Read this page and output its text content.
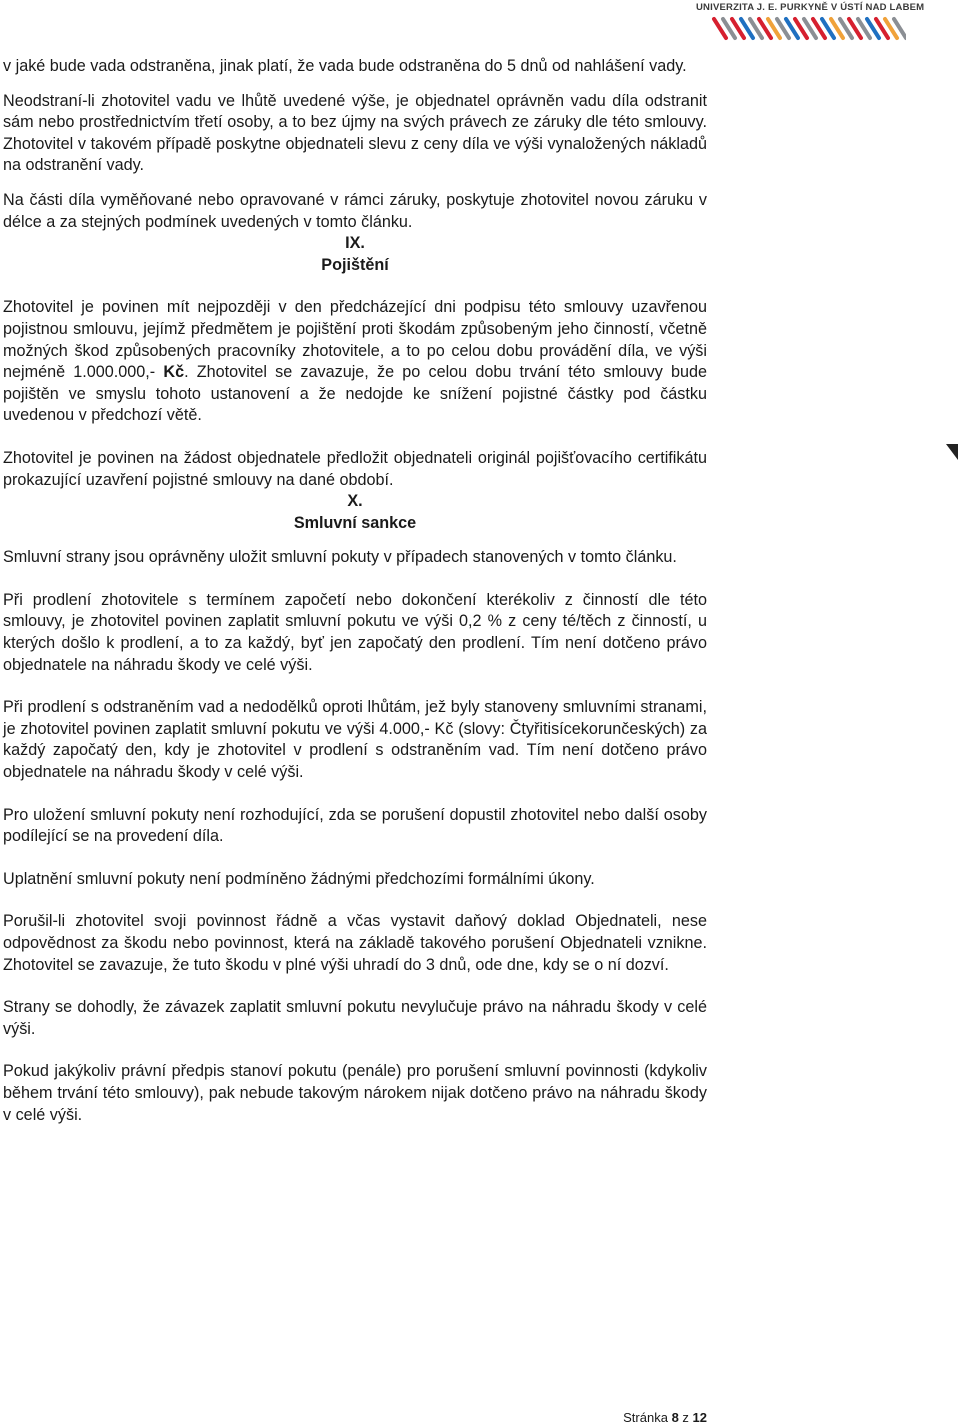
UNIVERZITA J. E. PURKYNĚ V ÚSTÍ NAD LABEM

v jaké bude vada odstraněna, jinak platí, že vada bude odstraněna do 5 dnů od nahlášení vady.

Neodstraní-li zhotovitel vadu ve lhůtě uvedené výše, je objednatel oprávněn vadu díla odstranit sám nebo prostřednictvím třetí osoby, a to bez újmy na svých právech ze záruky dle této smlouvy. Zhotovitel v takovém případě poskytne objednateli slevu z ceny díla ve výši vynaložených nákladů na odstranění vady.

Na části díla vyměňované nebo opravované v rámci záruky, poskytuje zhotovitel novou záruku v délce a za stejných podmínek uvedených v tomto článku.

IX.

Pojištění

Zhotovitel je povinen mít nejpozději v den předcházející dni podpisu této smlouvy uzavřenou pojistnou smlouvu, jejímž předmětem je pojištění proti škodám způsobeným jeho činností, včetně možných škod způsobených pracovníky zhotovitele, a to po celou dobu provádění díla, ve výši nejméně 1.000.000,- Kč. Zhotovitel se zavazuje, že po celou dobu trvání této smlouvy bude pojištěn ve smyslu tohoto ustanovení a že nedojde ke snížení pojistné částky pod částku uvedenou v předchozí větě.

Zhotovitel je povinen na žádost objednatele předložit objednateli originál pojišťovacího certifikátu prokazující uzavření pojistné smlouvy na dané období.

X.

Smluvní sankce

Smluvní strany jsou oprávněny uložit smluvní pokuty v případech stanovených v tomto článku.

Při prodlení zhotovitele s termínem započetí nebo dokončení kterékoliv z činností dle této smlouvy, je zhotovitel povinen zaplatit smluvní pokutu ve výši 0,2 % z ceny té/těch z činností, u kterých došlo k prodlení, a to za každý, byť jen započatý den prodlení. Tím není dotčeno právo objednatele na náhradu škody ve celé výši.

Při prodlení s odstraněním vad a nedodělků oproti lhůtám, jež byly stanoveny smluvními stranami, je zhotovitel povinen zaplatit smluvní pokutu ve výši 4.000,- Kč (slovy: Čtyřitisícekorunčeských) za každý započatý den, kdy je zhotovitel v prodlení s odstraněním vad. Tím není dotčeno právo objednatele na náhradu škody v celé výši.

Pro uložení smluvní pokuty není rozhodující, zda se porušení dopustil zhotovitel nebo další osoby podílející se na provedení díla.

Uplatnění smluvní pokuty není podmíněno žádnými předchozími formálními úkony.

Porušil-li zhotovitel svoji povinnost řádně a včas vystavit daňový doklad Objednateli, nese odpovědnost za škodu nebo povinnost, která na základě takového porušení Objednateli vznikne. Zhotovitel se zavazuje, že tuto škodu v plné výši uhradí do 3 dnů, ode dne, kdy se o ní dozví.

Strany se dohodly, že závazek zaplatit smluvní pokutu nevylučuje právo na náhradu škody v celé výši.

Pokud jakýkoliv právní předpis stanoví pokutu (penále) pro porušení smluvní povinnosti (kdykoliv během trvání této smlouvy), pak nebude takovým nárokem nijak dotčeno právo na náhradu škody v celé výši.

Stránka 8 z 12
